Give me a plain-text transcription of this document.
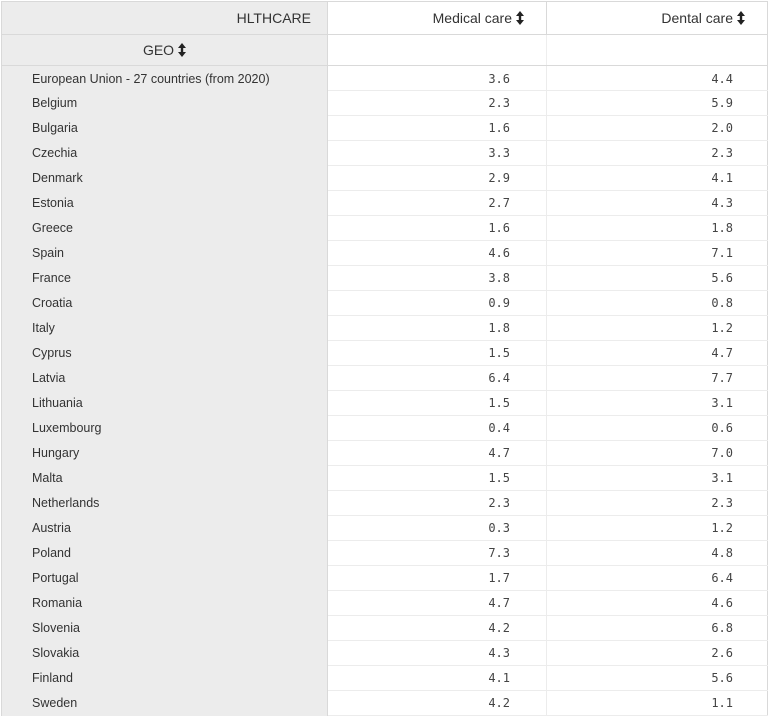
HLTHCARE	Medical care	Dental care
GEO		
European Union - 27 countries (from 2020)	3.6	4.4
Belgium	2.3	5.9
Bulgaria	1.6	2.0
Czechia	3.3	2.3
Denmark	2.9	4.1
Estonia	2.7	4.3
Greece	1.6	1.8
Spain	4.6	7.1
France	3.8	5.6
Croatia	0.9	0.8
Italy	1.8	1.2
Cyprus	1.5	4.7
Latvia	6.4	7.7
Lithuania	1.5	3.1
Luxembourg	0.4	0.6
Hungary	4.7	7.0
Malta	1.5	3.1
Netherlands	2.3	2.3
Austria	0.3	1.2
Poland	7.3	4.8
Portugal	1.7	6.4
Romania	4.7	4.6
Slovenia	4.2	6.8
Slovakia	4.3	2.6
Finland	4.1	5.6
Sweden	4.2	1.1
